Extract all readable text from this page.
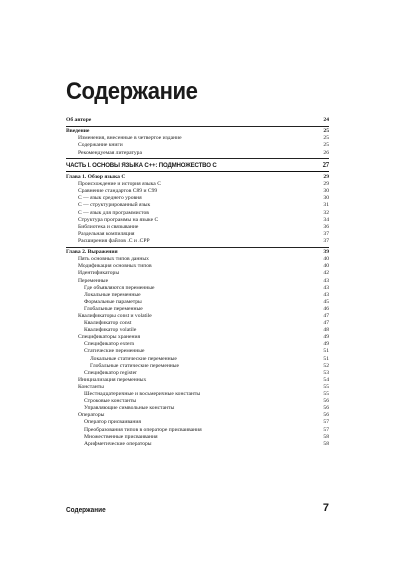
Содержание
Об авторе	24
Введение	25
Изменения, внесенные в четвертое издание	25
Содержание книги	25
Рекомендуемая литература	26
ЧАСТЬ I. ОСНОВЫ ЯЗЫКА С++: ПОДМНОЖЕСТВО С	27
Глава 1. Обзор языка С	29
Происхождение и история языка С	29
Сравнение стандартов С89 и С99	30
С — язык среднего уровня	30
С — структурированный язык	31
С — язык для программистов	32
Структура программы на языке С	34
Библиотека и связывание	36
Раздельная компиляция	37
Расширения файлов .С и .СРР	37
Глава 2. Выражения	39
Пять основных типов данных	40
Модификация основных типов	40
Идентификаторы	42
Переменные	43
Где объявляются переменные	43
Локальные переменные	43
Формальные параметры	45
Глобальные переменные	46
Квалификаторы const и volatile	47
Квалификатор const	47
Квалификатор volatile	48
Спецификаторы хранения	49
Спецификатор extern	49
Статические переменные	51
Локальные статические переменные	51
Глобальные статические переменные	52
Спецификатор register	53
Инициализация переменных	54
Константы	55
Шестнадцатеричные и восьмеричные константы	55
Строковые константы	56
Управляющие символьные константы	56
Операторы	56
Оператор присваивания	57
Преобразования типов в операторе присваивания	57
Множественные присваивания	58
Арифметические операторы	58
Содержание	7
